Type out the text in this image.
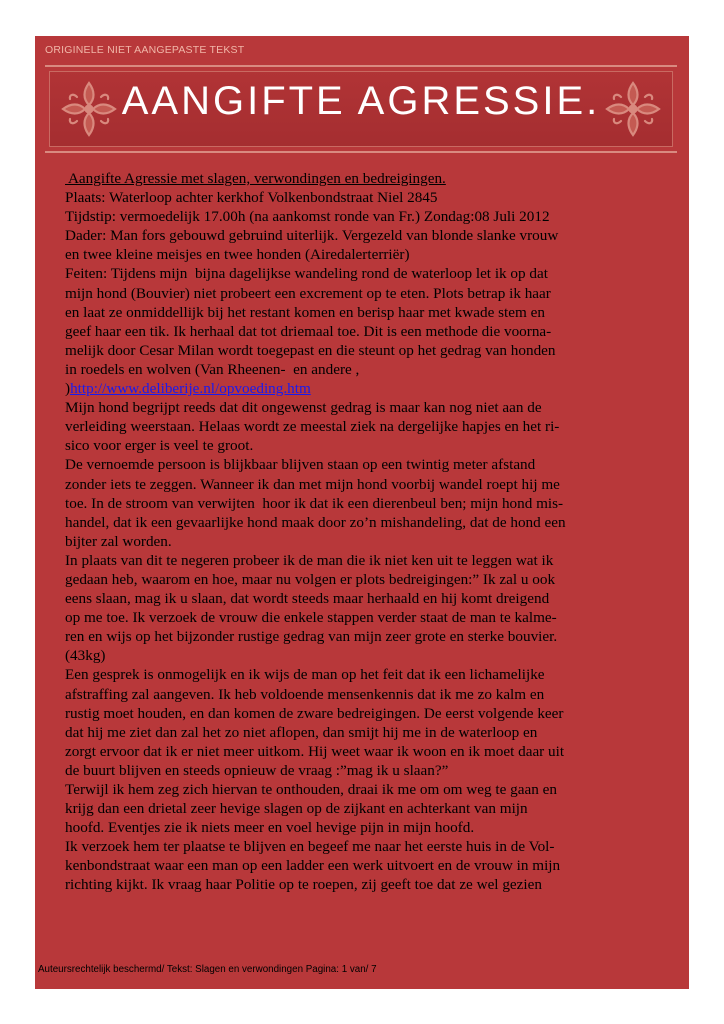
ORIGINELE NIET AANGEPASTE TEKST
AANGIFTE AGRESSIE.
Aangifte Agressie met slagen, verwondingen en bedreigingen.
Plaats: Waterloop achter kerkhof Volkenbondstraat Niel 2845
Tijdstip: vermoedelijk 17.00h (na aankomst ronde van Fr.) Zondag:08 Juli 2012
Dader: Man fors gebouwd gebruind uiterlijk. Vergezeld van blonde slanke vrouw
en twee kleine meisjes en twee honden (Airedalerterriër)
Feiten: Tijdens mijn  bijna dagelijkse wandeling rond de waterloop let ik op dat
mijn hond (Bouvier) niet probeert een excrement op te eten. Plots betrap ik haar
en laat ze onmiddellijk bij het restant komen en berisp haar met kwade stem en
geef haar een tik. Ik herhaal dat tot driemaal toe. Dit is een methode die voorna-
melijk door Cesar Milan wordt toegepast en die steunt op het gedrag van honden
in roedels en wolven (Van Rheenen-  en andere ,
)http://www.deliberije.nl/opvoeding.htm
Mijn hond begrijpt reeds dat dit ongewenst gedrag is maar kan nog niet aan de
verleiding weerstaan. Helaas wordt ze meestal ziek na dergelijke hapjes en het ri-
sico voor erger is veel te groot.
De vernoemde persoon is blijkbaar blijven staan op een twintig meter afstand
zonder iets te zeggen. Wanneer ik dan met mijn hond voorbij wandel roept hij me
toe. In de stroom van verwijten  hoor ik dat ik een dierenbeul ben; mijn hond mis-
handel, dat ik een gevaarlijke hond maak door zo’n mishandeling, dat de hond een
bijter zal worden.
In plaats van dit te negeren probeer ik de man die ik niet ken uit te leggen wat ik
gedaan heb, waarom en hoe, maar nu volgen er plots bedreigingen:” Ik zal u ook
eens slaan, mag ik u slaan, dat wordt steeds maar herhaald en hij komt dreigend
op me toe. Ik verzoek de vrouw die enkele stappen verder staat de man te kalme-
ren en wijs op het bijzonder rustige gedrag van mijn zeer grote en sterke bouvier.
(43kg)
Een gesprek is onmogelijk en ik wijs de man op het feit dat ik een lichamelijke
afstraffing zal aangeven. Ik heb voldoende mensenkennis dat ik me zo kalm en
rustig moet houden, en dan komen de zware bedreigingen. De eerst volgende keer
dat hij me ziet dan zal het zo niet aflopen, dan smijt hij me in de waterloop en
zorgt ervoor dat ik er niet meer uitkom. Hij weet waar ik woon en ik moet daar uit
de buurt blijven en steeds opnieuw de vraag :”mag ik u slaan?”
Terwijl ik hem zeg zich hiervan te onthouden, draai ik me om om weg te gaan en
krijg dan een drietal zeer hevige slagen op de zijkant en achterkant van mijn
hoofd. Eventjes zie ik niets meer en voel hevige pijn in mijn hoofd.
Ik verzoek hem ter plaatse te blijven en begeef me naar het eerste huis in de Vol-
kenbondstraat waar een man op een ladder een werk uitvoert en de vrouw in mijn
richting kijkt. Ik vraag haar Politie op te roepen, zij geeft toe dat ze wel gezien
Auteursrechtelijk beschermd/ Tekst: Slagen en verwondingen Pagina: 1 van/ 7
